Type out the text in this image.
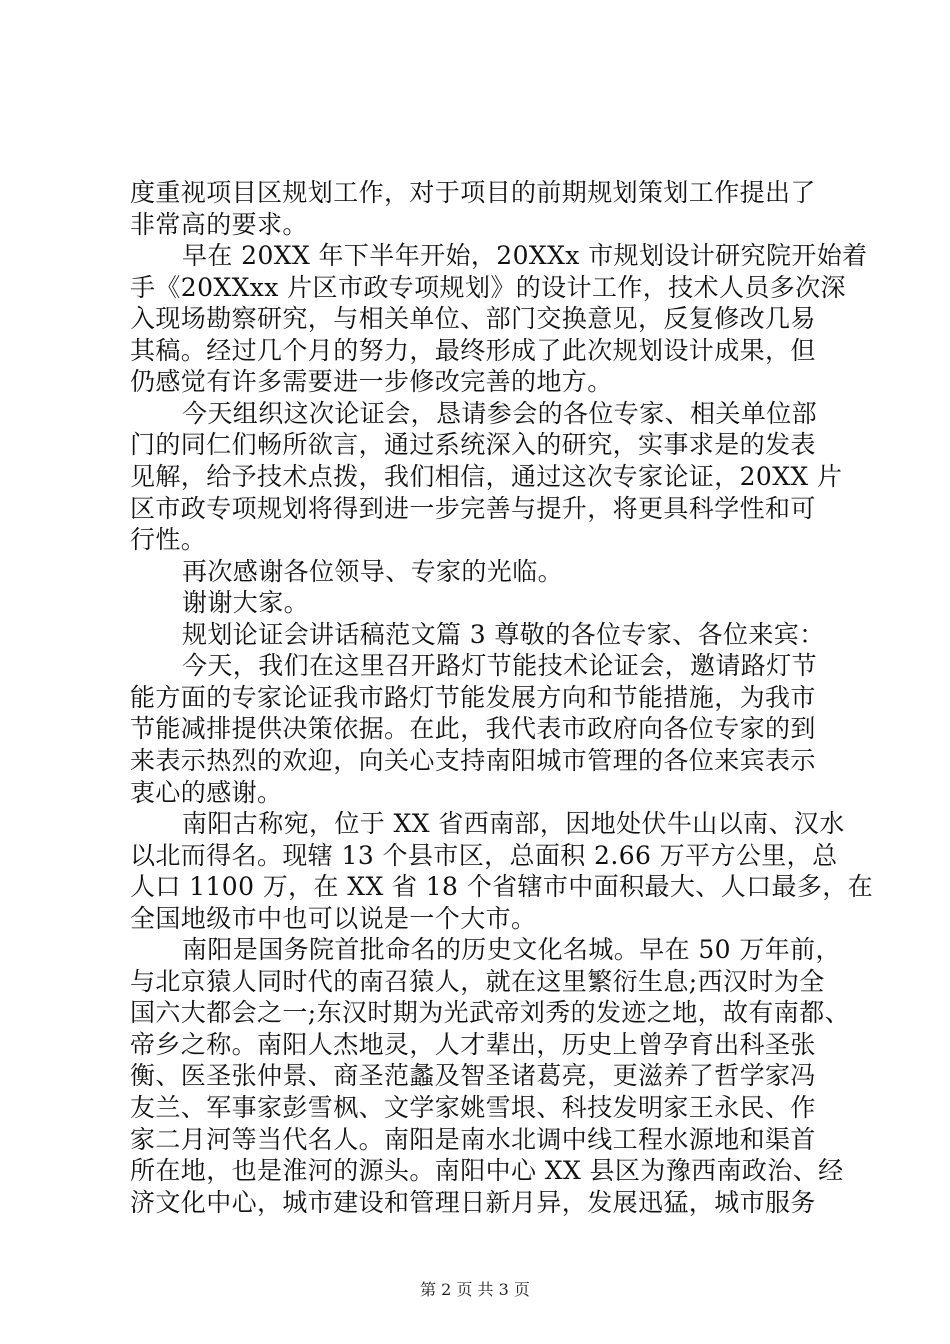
度重视项目区规划工作，对于项目的前期规划策划工作提出了
非常高的要求。
早在 20XX 年下半年开始，20XXx 市规划设计研究院开始着
手《20XXxx 片区市政专项规划》的设计工作，技术人员多次深
入现场勘察研究，与相关单位、部门交换意见，反复修改几易
其稿。经过几个月的努力，最终形成了此次规划设计成果，但
仍感觉有许多需要进一步修改完善的地方。
今天组织这次论证会，恳请参会的各位专家、相关单位部
门的同仁们畅所欲言，通过系统深入的研究，实事求是的发表
见解，给予技术点拨，我们相信，通过这次专家论证，20XX 片
区市政专项规划将得到进一步完善与提升，将更具科学性和可
行性。
再次感谢各位领导、专家的光临。
谢谢大家。
规划论证会讲话稿范文篇 3 尊敬的各位专家、各位来宾：
今天，我们在这里召开路灯节能技术论证会，邀请路灯节
能方面的专家论证我市路灯节能发展方向和节能措施，为我市
节能减排提供决策依据。在此，我代表市政府向各位专家的到
来表示热烈的欢迎，向关心支持南阳城市管理的各位来宾表示
衷心的感谢。
南阳古称宛，位于 XX 省西南部，因地处伏牛山以南、汉水
以北而得名。现辖 13 个县市区，总面积 2.66 万平方公里，总
人口 1100 万，在 XX 省 18 个省辖市中面积最大、人口最多，在
全国地级市中也可以说是一个大市。
南阳是国务院首批命名的历史文化名城。早在 50 万年前，
与北京猿人同时代的南召猿人，就在这里繁衍生息;西汉时为全
国六大都会之一;东汉时期为光武帝刘秀的发迹之地，故有南都、
帝乡之称。南阳人杰地灵，人才辈出，历史上曾孕育出科圣张
衡、医圣张仲景、商圣范蠡及智圣诸葛亮，更滋养了哲学家冯
友兰、军事家彭雪枫、文学家姚雪垠、科技发明家王永民、作
家二月河等当代名人。南阳是南水北调中线工程水源地和渠首
所在地，也是淮河的源头。南阳中心 XX 县区为豫西南政治、经
济文化中心，城市建设和管理日新月异，发展迅猛，城市服务
第 2 页 共 3 页
